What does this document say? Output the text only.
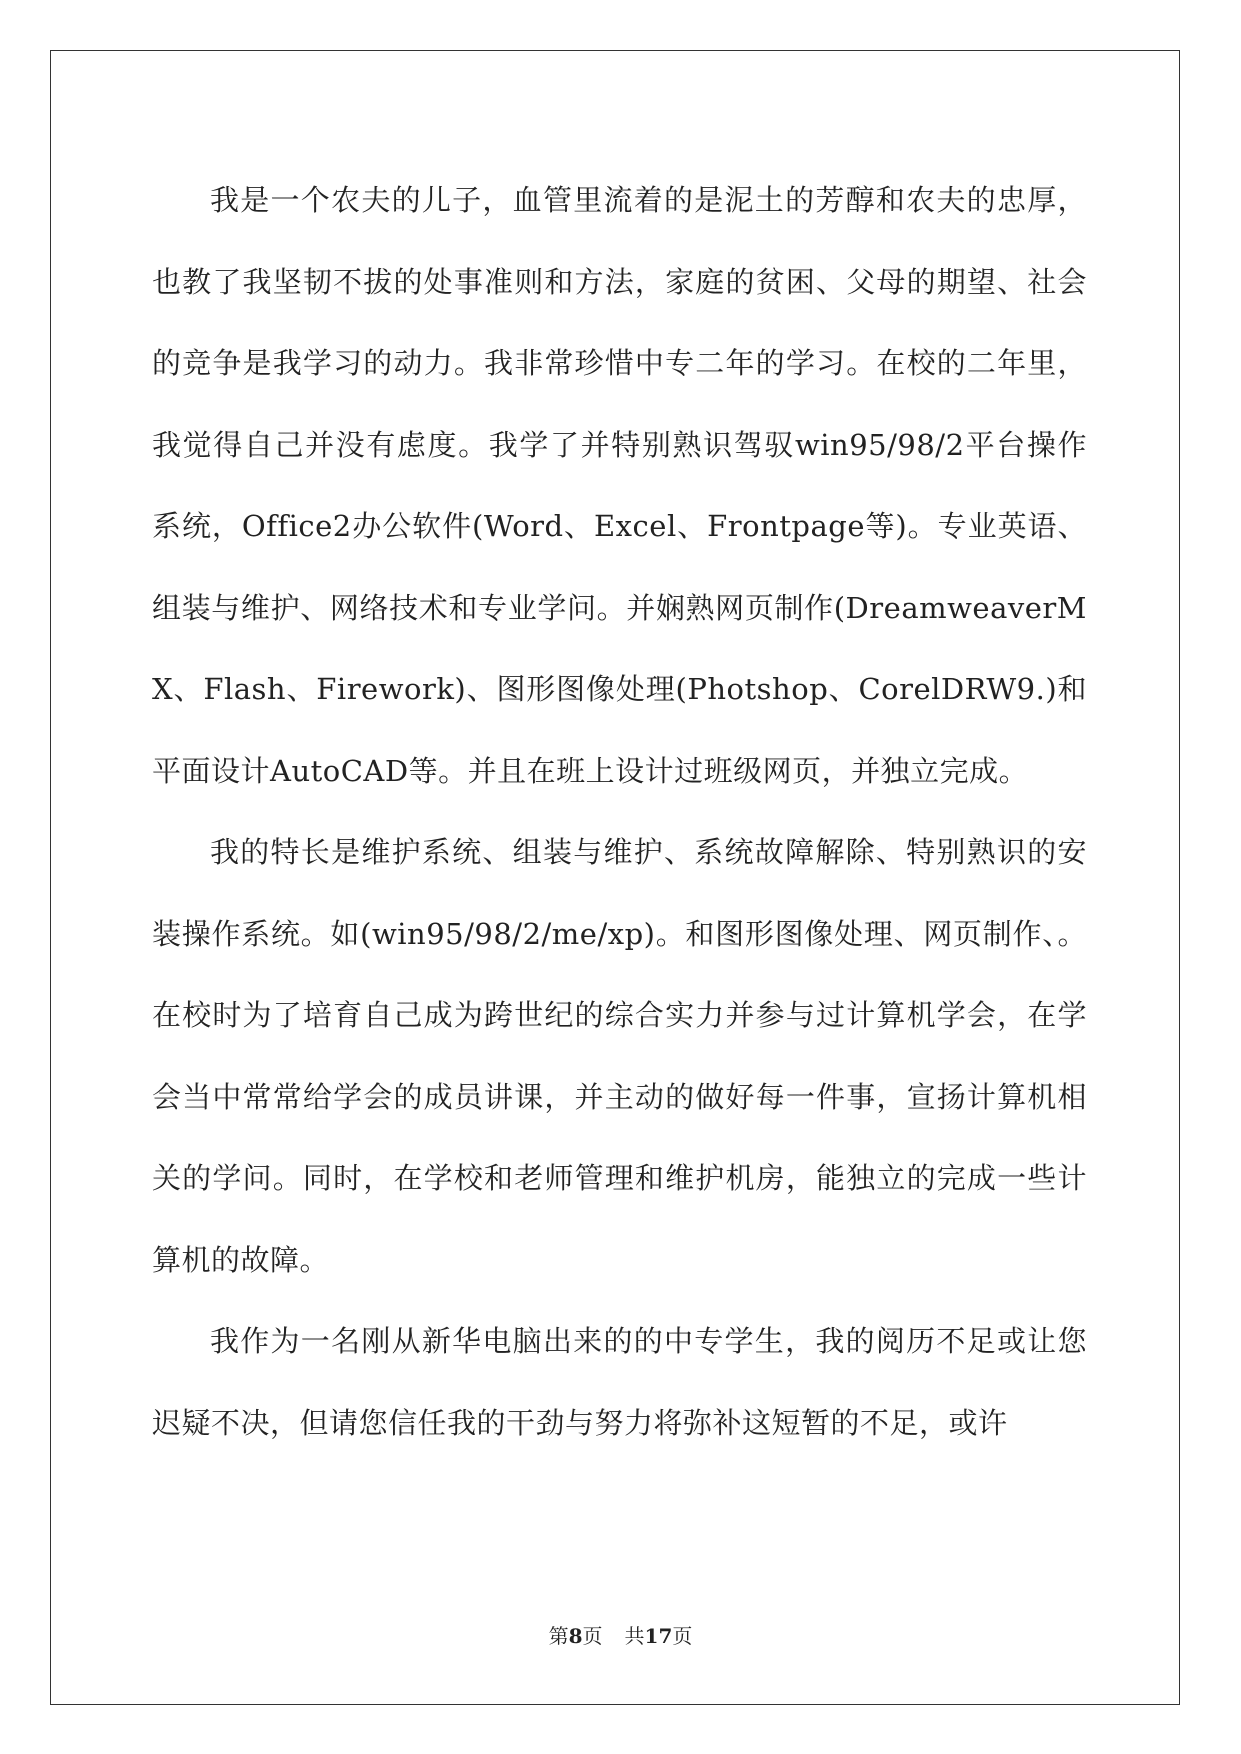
我是一个农夫的儿子，血管里流着的是泥土的芳醇和农夫的忠厚，也教了我坚韧不拔的处事准则和方法，家庭的贫困、父母的期望、社会的竞争是我学习的动力。我非常珍惜中专二年的学习。在校的二年里，我觉得自己并没有虑度。我学了并特别熟识驾驭win95/98/2平台操作系统，Office2办公软件(Word、Excel、Frontpage等)。专业英语、组装与维护、网络技术和专业学问。并娴熟网页制作(DreamweaverMX、Flash、Firework)、图形图像处理(Photshop、CorelDRW9.)和平面设计AutoCAD等。并且在班上设计过班级网页，并独立完成。

我的特长是维护系统、组装与维护、系统故障解除、特别熟识的安装操作系统。如(win95/98/2/me/xp)。和图形图像处理、网页制作、。在校时为了培育自己成为跨世纪的综合实力并参与过计算机学会，在学会当中常常给学会的成员讲课，并主动的做好每一件事，宣扬计算机相关的学问。同时，在学校和老师管理和维护机房，能独立的完成一些计算机的故障。

我作为一名刚从新华电脑出来的的中专学生，我的阅历不足或让您迟疑不决，但请您信任我的干劲与努力将弥补这短暂的不足，或许

第8页 共17页
